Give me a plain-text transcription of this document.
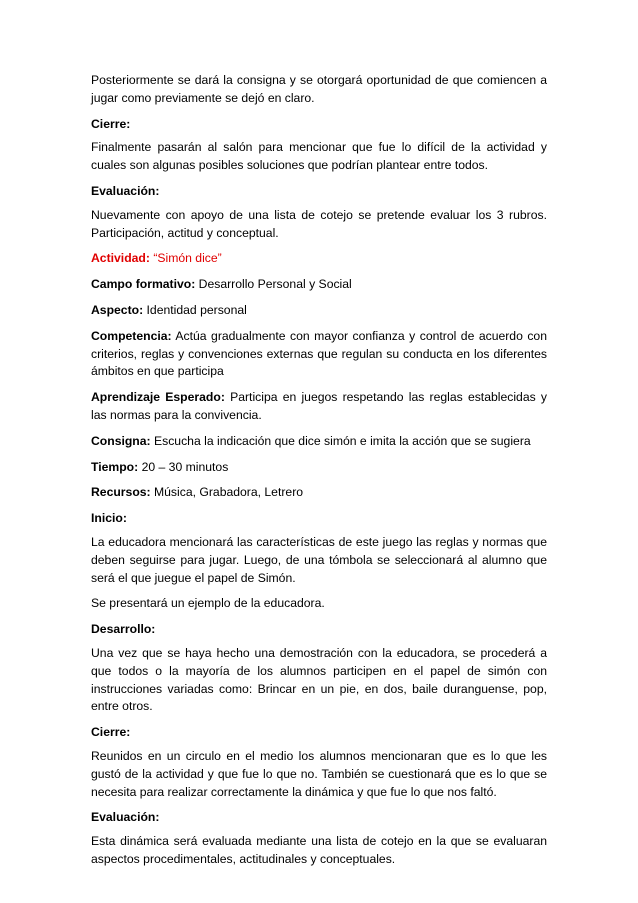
Posteriormente se dará la consigna y se otorgará oportunidad de que comiencen a jugar como previamente se dejó en claro.

Cierre:

Finalmente pasarán al salón para mencionar que fue lo difícil de la actividad y cuales son algunas posibles soluciones que podrían plantear entre todos.

Evaluación:

Nuevamente con apoyo de una lista de cotejo se pretende evaluar los 3 rubros. Participación, actitud y conceptual.

Actividad: “Simón dice”

Campo formativo: Desarrollo Personal y Social

Aspecto: Identidad personal

Competencia: Actúa gradualmente con mayor confianza y control de acuerdo con criterios, reglas y convenciones externas que regulan su conducta en los diferentes ámbitos en que participa

Aprendizaje Esperado: Participa en juegos respetando las reglas establecidas y las normas para la convivencia.

Consigna: Escucha la indicación que dice simón e imita la acción que se sugiera

Tiempo: 20 – 30 minutos

Recursos: Música, Grabadora, Letrero

Inicio:

La educadora mencionará las características de este juego las reglas y normas que deben seguirse para jugar. Luego, de una tómbola se seleccionará al alumno que será el que juegue el papel de Simón.

Se presentará un ejemplo de la educadora.

Desarrollo:

Una vez que se haya hecho una demostración con la educadora, se procederá a que todos o la mayoría de los alumnos participen en el papel de simón con instrucciones variadas como: Brincar en un pie, en dos, baile duranguense, pop, entre otros.

Cierre:

Reunidos en un circulo en el medio los alumnos mencionaran que es lo que les gustó de la actividad y que fue lo que no. También se cuestionará que es lo que se necesita para realizar correctamente la dinámica y que fue lo que nos faltó.

Evaluación:

Esta dinámica será evaluada mediante una lista de cotejo en la que se evaluaran aspectos procedimentales, actitudinales y conceptuales.
